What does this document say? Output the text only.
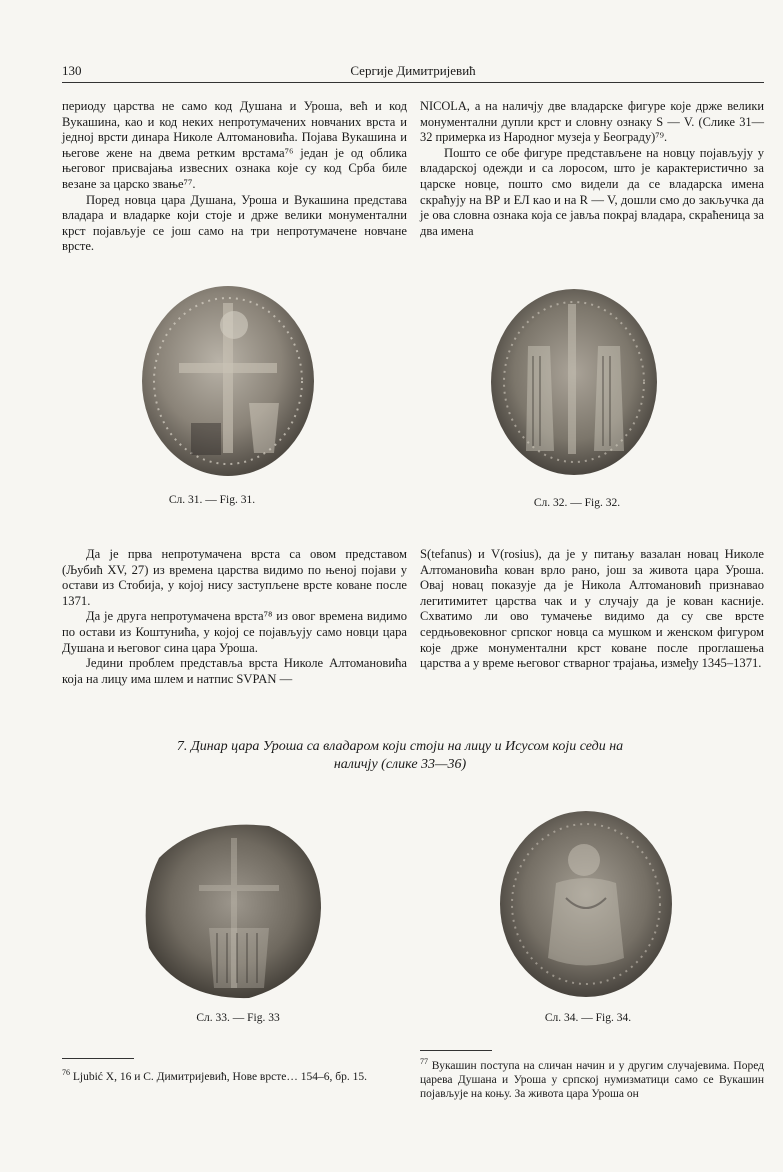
130	Сергије Димитријевић

периоду царства не само код Душана и Уроша, већ и код Вукашина, као и код неких непротумачених новчаних врста и једној врсти динара Николе Алтомановића. Појава Вукашина и његове жене на двема ретким врстама⁷⁶ један је од облика његовог присвајања извесних ознака које су код Срба биле везане за царско звање⁷⁷.

Поред новца цара Душана, Уроша и Вукашина представа владара и владарке који стоје и држе велики монументални крст појављује се још само на три непротумачене новчане врсте.

NICOLA, а на наличју две владарске фигуре које држе велики монументални дупли крст и словну ознаку S — V. (Слике 31—32 примерка из Народног музеја у Београду)⁷⁹.

Пошто се обе фигуре представљене на новцу појављују у владарској одежди и са лоросом, што је карактеристично за царске новце, пошто смо видели да се владарска имена скраћују на ВР и ЕЛ као и на R — V, дошли смо до закључка да је ова словна ознака која се јавља покрај владара, скраћеница за два имена

Сл. 31. — Fig. 31.	Сл. 32. — Fig. 32.

Да је прва непротумачена врста са овом представом (Љубић XV, 27) из времена царства видимо по њеној појави у остави из Стобија, у којој нису заступљене врсте коване после 1371.

Да је друга непротумачена врста⁷⁸ из овог времена видимо по остави из Коштунића, у којој се појављују само новци цара Душана и његовог сина цара Уроша.

Једини проблем представља врста Николе Алтомановића која на лицу има шлем и натпис SVPAN —

S(tefanus) и V(rosius), да је у питању вазалан новац Николе Алтомановића кован врло рано, још за живота цара Уроша. Овај новац показује да је Никола Алтомановић признавао легитимитет царства чак и у случају да је кован касније. Схватимо ли ово тумачење видимо да су све врсте сердњовековног српског новца са мушком и женском фигуром које држе монументални крст коване после проглашења царства а у време његовог стварног трајања, између 1345–1371.

7. Динар цара Уроша са владаром који стоји на лицу и Исусом који седи на
наличју (слике 33—36)
Сл. 33. — Fig. 33	Сл. 34. — Fig. 34.
$^{76}$ Ljubić X, 16 и С. Димитријевић, Нове врсте… 154–6, бр. 15.
$^{77}$ Вукашин поступа на сличан начин и у другим случајевима. Поред царева Душана и Уроша у српској нумизматици само се Вукашин појављује на коњу. За живота цара Уроша он
